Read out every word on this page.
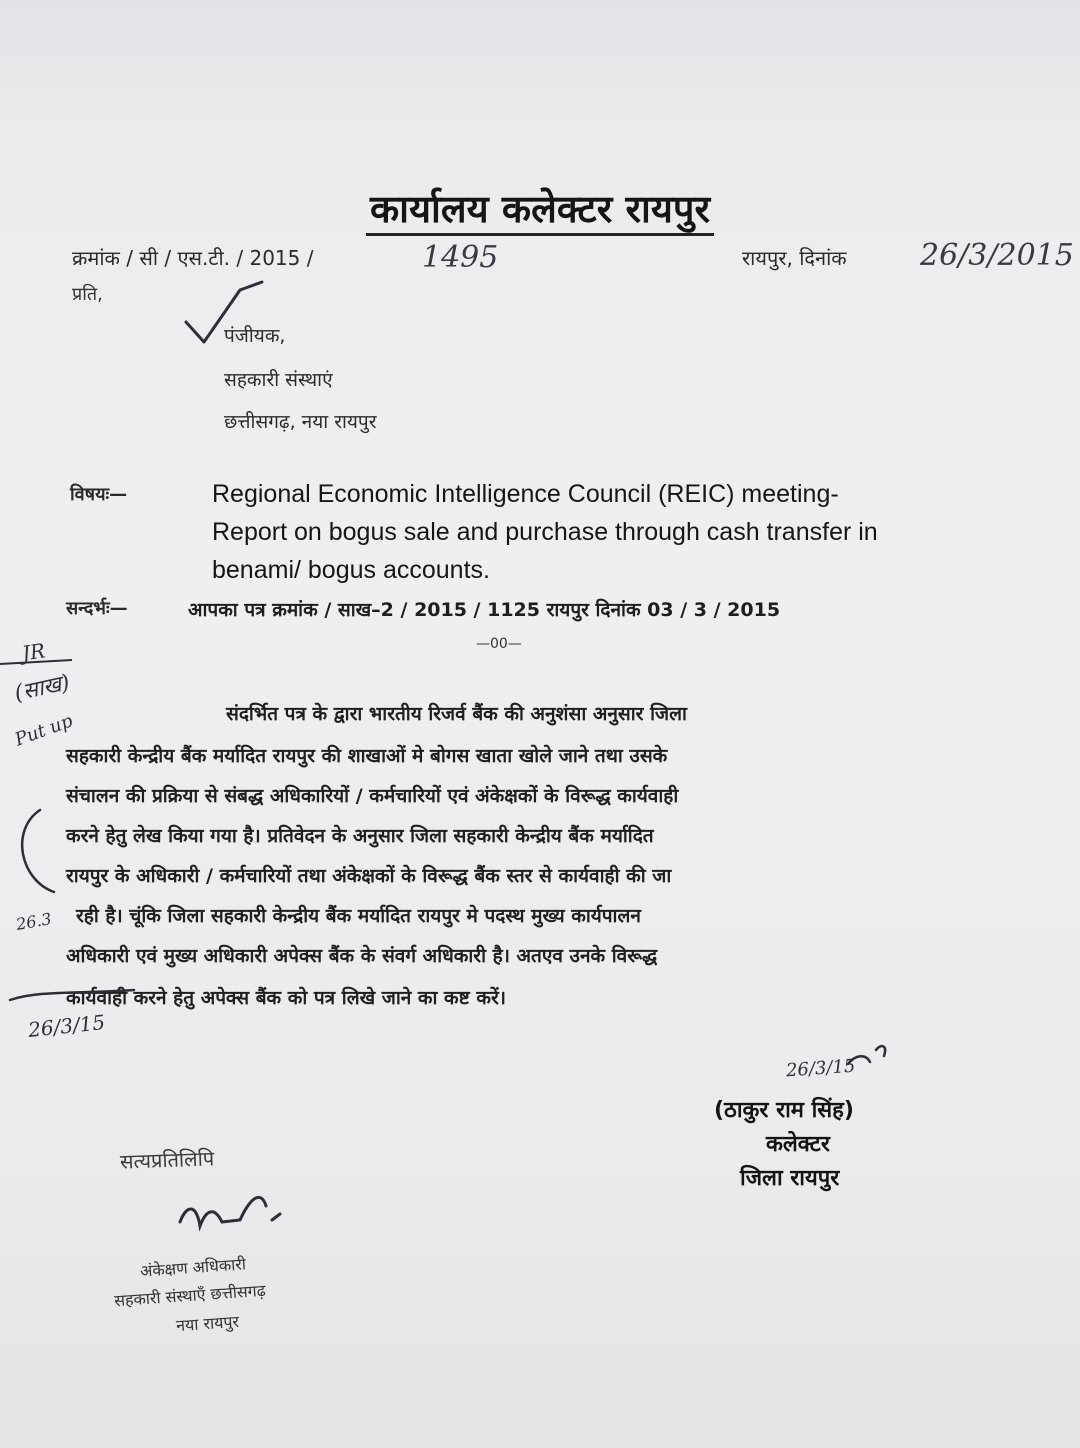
कार्यालय कलेक्टर रायपुर
क्रमांक / सी / एस.टी. / 2015 /	1495	रायपुर, दिनांक 26/3/2015
प्रति,
पंजीयक,
सहकारी संस्थाएं
छत्तीसगढ़, नया रायपुर
विषयः—	Regional Economic Intelligence Council (REIC) meeting-
Report on bogus sale and purchase through cash transfer in
benami/ bogus accounts.
सन्दर्भः—	आपका पत्र क्रमांक / साख–2 / 2015 / 1125 रायपुर दिनांक 03 / 3 / 2015
—00—
संदर्भित पत्र के द्वारा भारतीय रिजर्व बैंक की अनुशंसा अनुसार जिला
सहकारी केन्द्रीय बैंक मर्यादित रायपुर की शाखाओं मे बोगस खाता खोले जाने तथा उसके
संचालन की प्रक्रिया से संबद्ध अधिकारियों / कर्मचारियों एवं अंकेक्षकों के विरूद्ध कार्यवाही
करने हेतु लेख किया गया है। प्रतिवेदन के अनुसार जिला सहकारी केन्द्रीय बैंक मर्यादित
रायपुर के अधिकारी / कर्मचारियों तथा अंकेक्षकों के विरूद्ध बैंक स्तर से कार्यवाही की जा
रही है। चूंकि जिला सहकारी केन्द्रीय बैंक मर्यादित रायपुर मे पदस्थ मुख्य कार्यपालन
अधिकारी एवं मुख्य अधिकारी अपेक्स बैंक के संवर्ग अधिकारी है। अतएव उनके विरूद्ध
कार्यवाही करने हेतु अपेक्स बैंक को पत्र लिखे जाने का कष्ट करें।
26/3/15
(ठाकुर राम सिंह)
कलेक्टर
जिला रायपुर
सत्यप्रतिलिपि
अंकेक्षण अधिकारी
सहकारी संस्थाएँ छत्तीसगढ़
नया रायपुर
JR
(साख)
Put up
26.3
26/3/15
